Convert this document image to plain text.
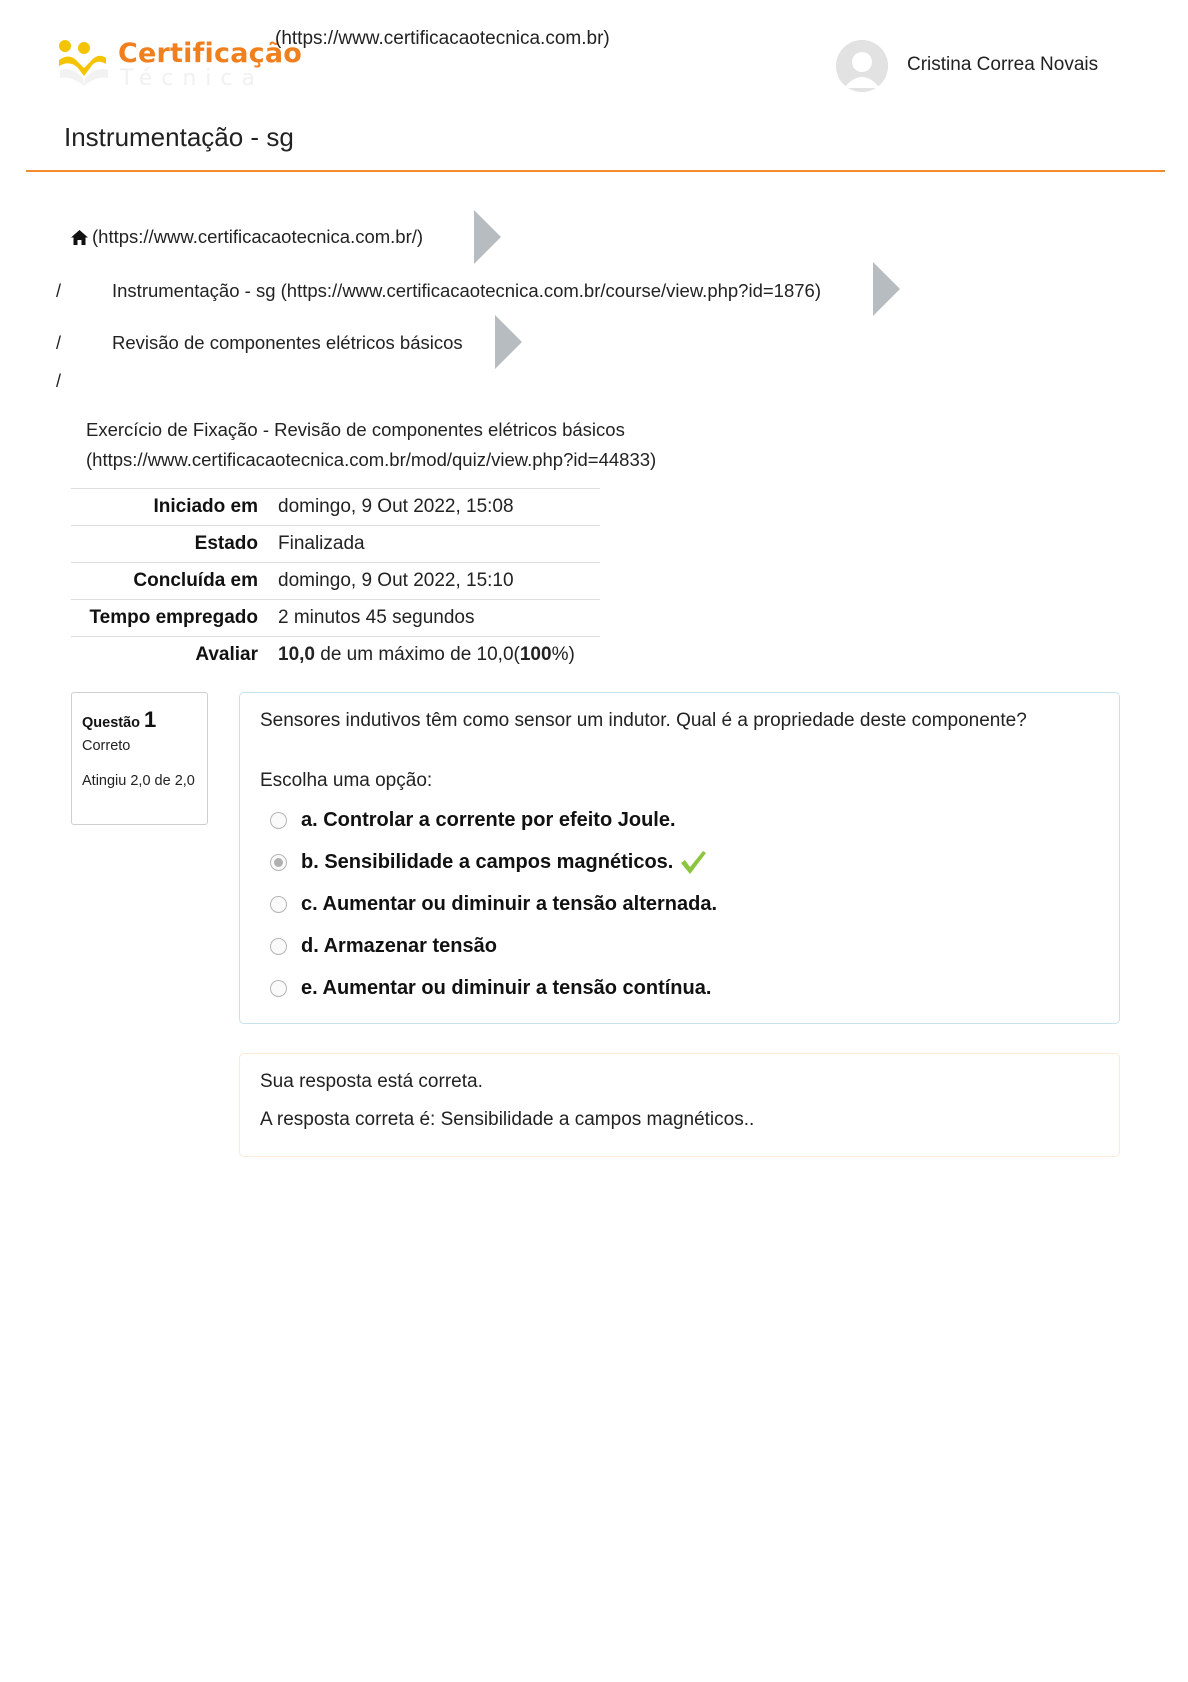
Certificação
Técnica
(https://www.certificacaotecnica.com.br)
Cristina Correa Novais
Instrumentação - sg
(https://www.certificacaotecnica.com.br/)
/	Instrumentação - sg (https://www.certificacaotecnica.com.br/course/view.php?id=1876)
/	Revisão de componentes elétricos básicos
/
Exercício de Fixação - Revisão de componentes elétricos básicos
(https://www.certificacaotecnica.com.br/mod/quiz/view.php?id=44833)
Iniciado em	domingo, 9 Out 2022, 15:08
Estado	Finalizada
Concluída em	domingo, 9 Out 2022, 15:10
Tempo empregado	2 minutos 45 segundos
Avaliar	10,0 de um máximo de 10,0(100%)
Questão 1
Correto
Atingiu 2,0 de 2,0
Sensores indutivos têm como sensor um indutor. Qual é a propriedade deste componente?
Escolha uma opção:
a. Controlar a corrente por efeito Joule.
b. Sensibilidade a campos magnéticos.
c. Aumentar ou diminuir a tensão alternada.
d. Armazenar tensão
e. Aumentar ou diminuir a tensão contínua.
Sua resposta está correta.
A resposta correta é: Sensibilidade a campos magnéticos..
